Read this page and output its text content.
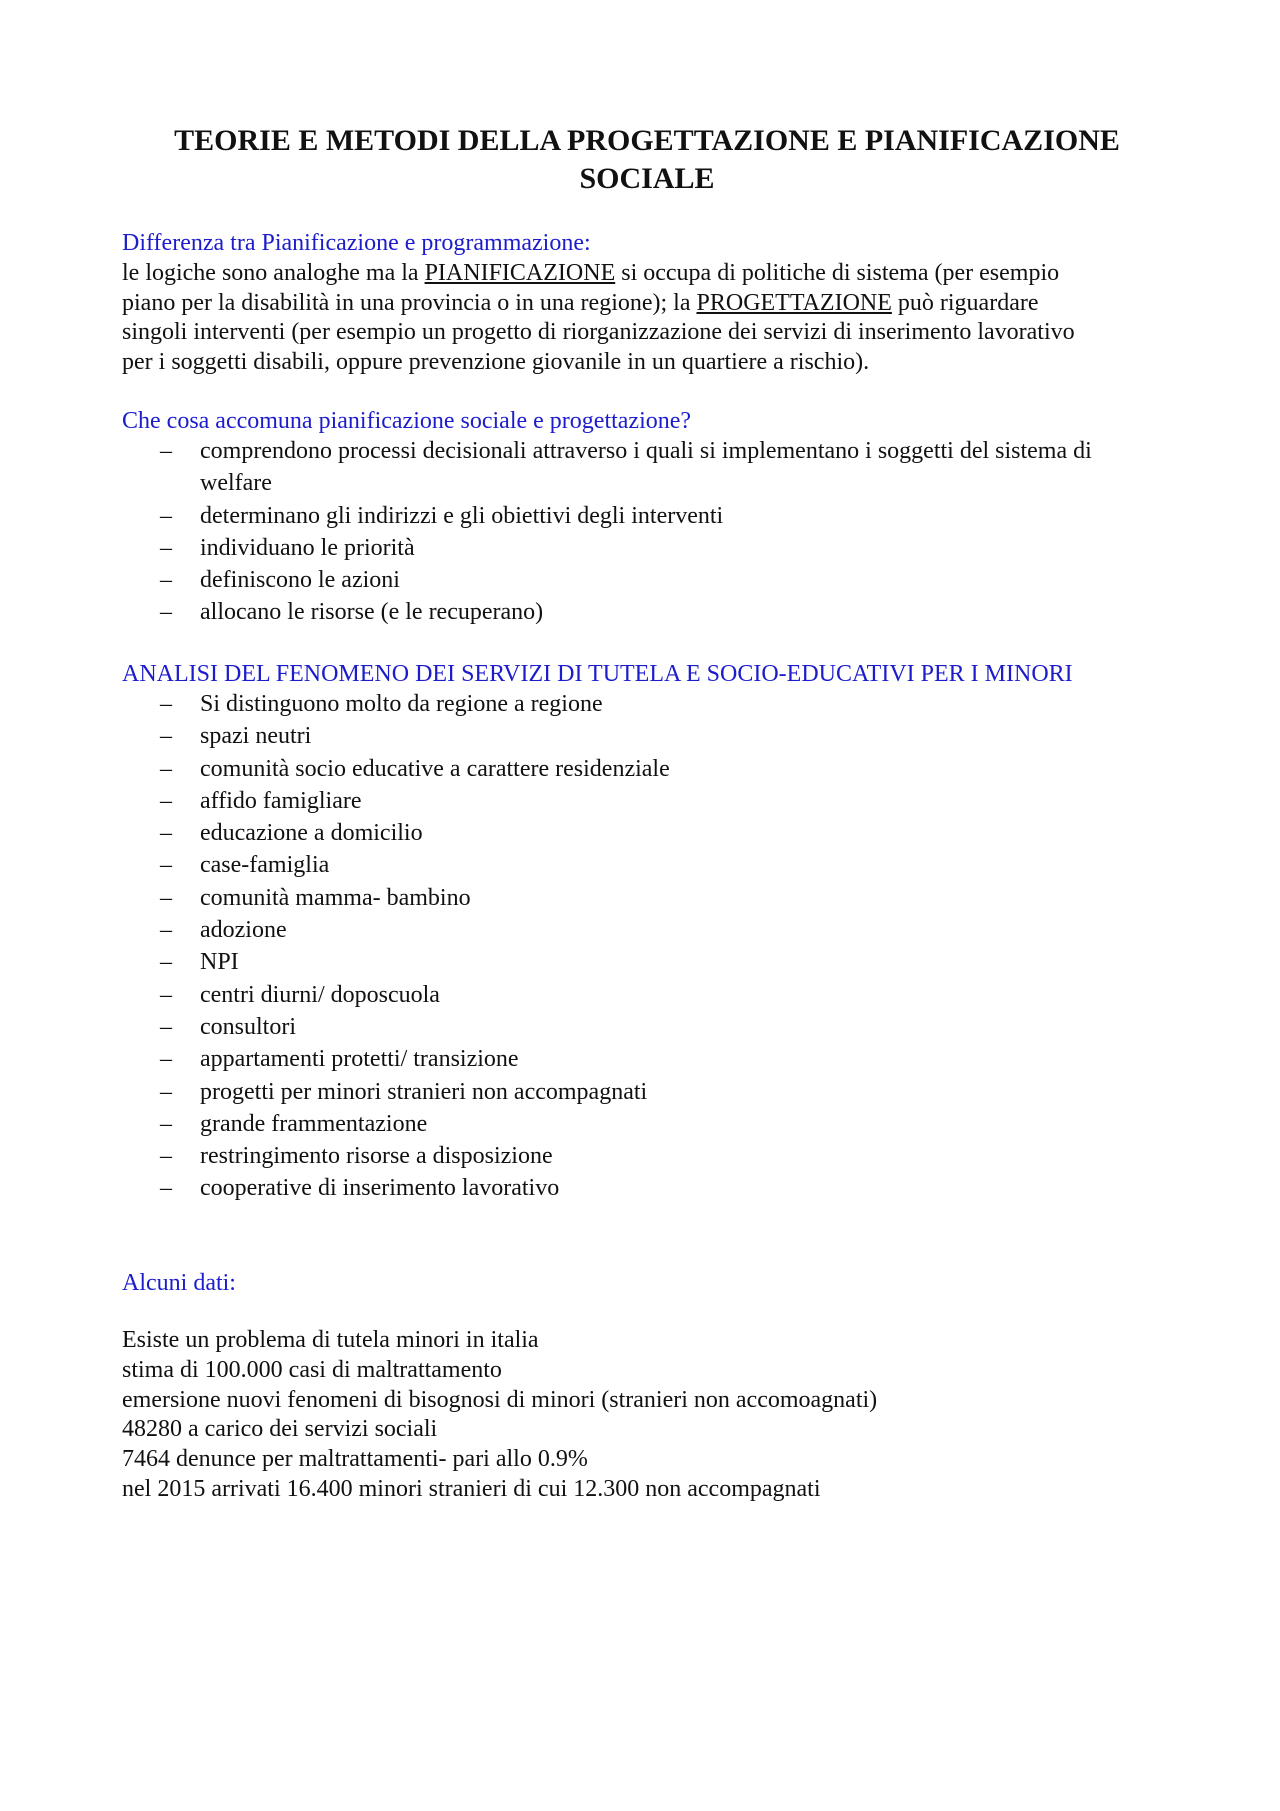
TEORIE E METODI DELLA PROGETTAZIONE E PIANIFICAZIONE
SOCIALE

Differenza tra Pianificazione e programmazione:

le logiche sono analoghe ma la PIANIFICAZIONE si occupa di politiche di sistema (per esempio
piano per la disabilità in una provincia o in una regione); la PROGETTAZIONE può riguardare
singoli interventi (per esempio un progetto di riorganizzazione dei servizi di inserimento lavorativo
per i soggetti disabili, oppure prevenzione giovanile in un quartiere a rischio).

Che cosa accomuna pianificazione sociale e progettazione?

– comprendono processi decisionali attraverso i quali si implementano i soggetti del sistema di
welfare
– determinano gli indirizzi e gli obiettivi degli interventi
– individuano le priorità
– definiscono le azioni
– allocano le risorse (e le recuperano)

ANALISI DEL FENOMENO DEI SERVIZI DI TUTELA E SOCIO-EDUCATIVI PER I MINORI

– Si distinguono molto da regione a regione
– spazi neutri
– comunità socio educative a carattere residenziale
– affido famigliare
– educazione a domicilio
– case-famiglia
– comunità mamma- bambino
– adozione
– NPI
– centri diurni/ doposcuola
– consultori
– appartamenti protetti/ transizione
– progetti per minori stranieri non accompagnati
– grande frammentazione
– restringimento risorse a disposizione
– cooperative di inserimento lavorativo

Alcuni dati:

Esiste un problema di tutela minori in italia
stima di 100.000 casi di maltrattamento
emersione nuovi fenomeni di bisognosi di minori (stranieri non accomoagnati)
48280 a carico dei servizi sociali
7464 denunce per maltrattamenti- pari allo 0.9%
nel 2015 arrivati 16.400 minori stranieri di cui 12.300 non accompagnati
